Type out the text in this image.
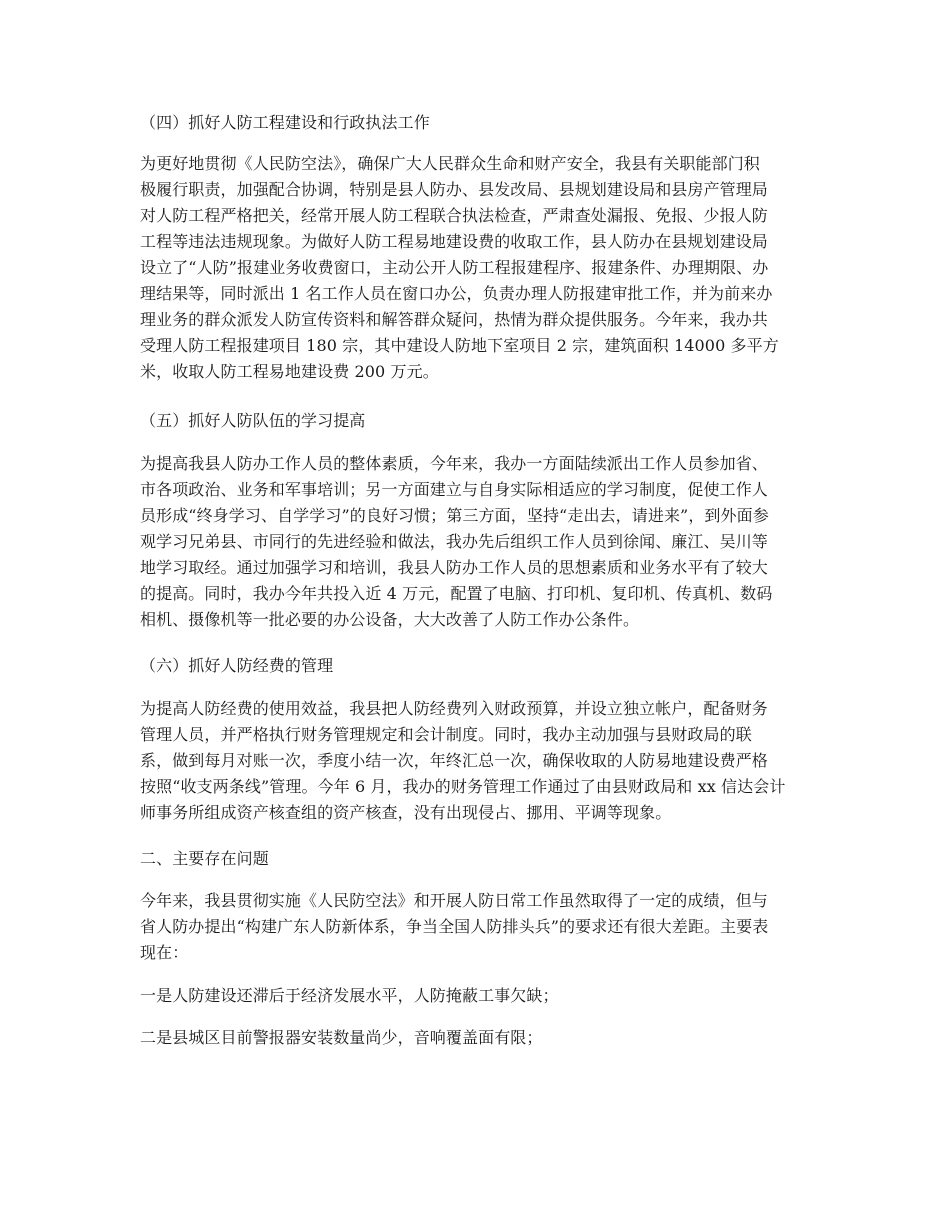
（四）抓好人防工程建设和行政执法工作

为更好地贯彻《人民防空法》，确保广大人民群众生命和财产安全，我县有关职能部门积

极履行职责，加强配合协调，特别是县人防办、县发改局、县规划建设局和县房产管理局

对人防工程严格把关，经常开展人防工程联合执法检查，严肃查处漏报、免报、少报人防

工程等违法违规现象。为做好人防工程易地建设费的收取工作，县人防办在县规划建设局

设立了“人防”报建业务收费窗口，主动公开人防工程报建程序、报建条件、办理期限、办

理结果等，同时派出 1 名工作人员在窗口办公，负责办理人防报建审批工作，并为前来办

理业务的群众派发人防宣传资料和解答群众疑问，热情为群众提供服务。今年来，我办共

受理人防工程报建项目 180 宗，其中建设人防地下室项目 2 宗，建筑面积 14000 多平方

米，收取人防工程易地建设费 200 万元。

（五）抓好人防队伍的学习提高

为提高我县人防办工作人员的整体素质，今年来，我办一方面陆续派出工作人员参加省、

市各项政治、业务和军事培训；另一方面建立与自身实际相适应的学习制度，促使工作人

员形成“终身学习、自学学习”的良好习惯；第三方面，坚持“走出去，请进来”，到外面参

观学习兄弟县、市同行的先进经验和做法，我办先后组织工作人员到徐闻、廉江、吴川等

地学习取经。通过加强学习和培训，我县人防办工作人员的思想素质和业务水平有了较大

的提高。同时，我办今年共投入近 4 万元，配置了电脑、打印机、复印机、传真机、数码

相机、摄像机等一批必要的办公设备，大大改善了人防工作办公条件。

（六）抓好人防经费的管理

为提高人防经费的使用效益，我县把人防经费列入财政预算，并设立独立帐户，配备财务

管理人员，并严格执行财务管理规定和会计制度。同时，我办主动加强与县财政局的联

系，做到每月对账一次，季度小结一次，年终汇总一次，确保收取的人防易地建设费严格

按照“收支两条线”管理。今年 6 月，我办的财务管理工作通过了由县财政局和 xx 信达会计

师事务所组成资产核查组的资产核查，没有出现侵占、挪用、平调等现象。

二、主要存在问题

今年来，我县贯彻实施《人民防空法》和开展人防日常工作虽然取得了一定的成绩，但与

省人防办提出“构建广东人防新体系，争当全国人防排头兵”的要求还有很大差距。主要表

现在：

一是人防建设还滞后于经济发展水平，人防掩蔽工事欠缺；

二是县城区目前警报器安装数量尚少，音响覆盖面有限；
